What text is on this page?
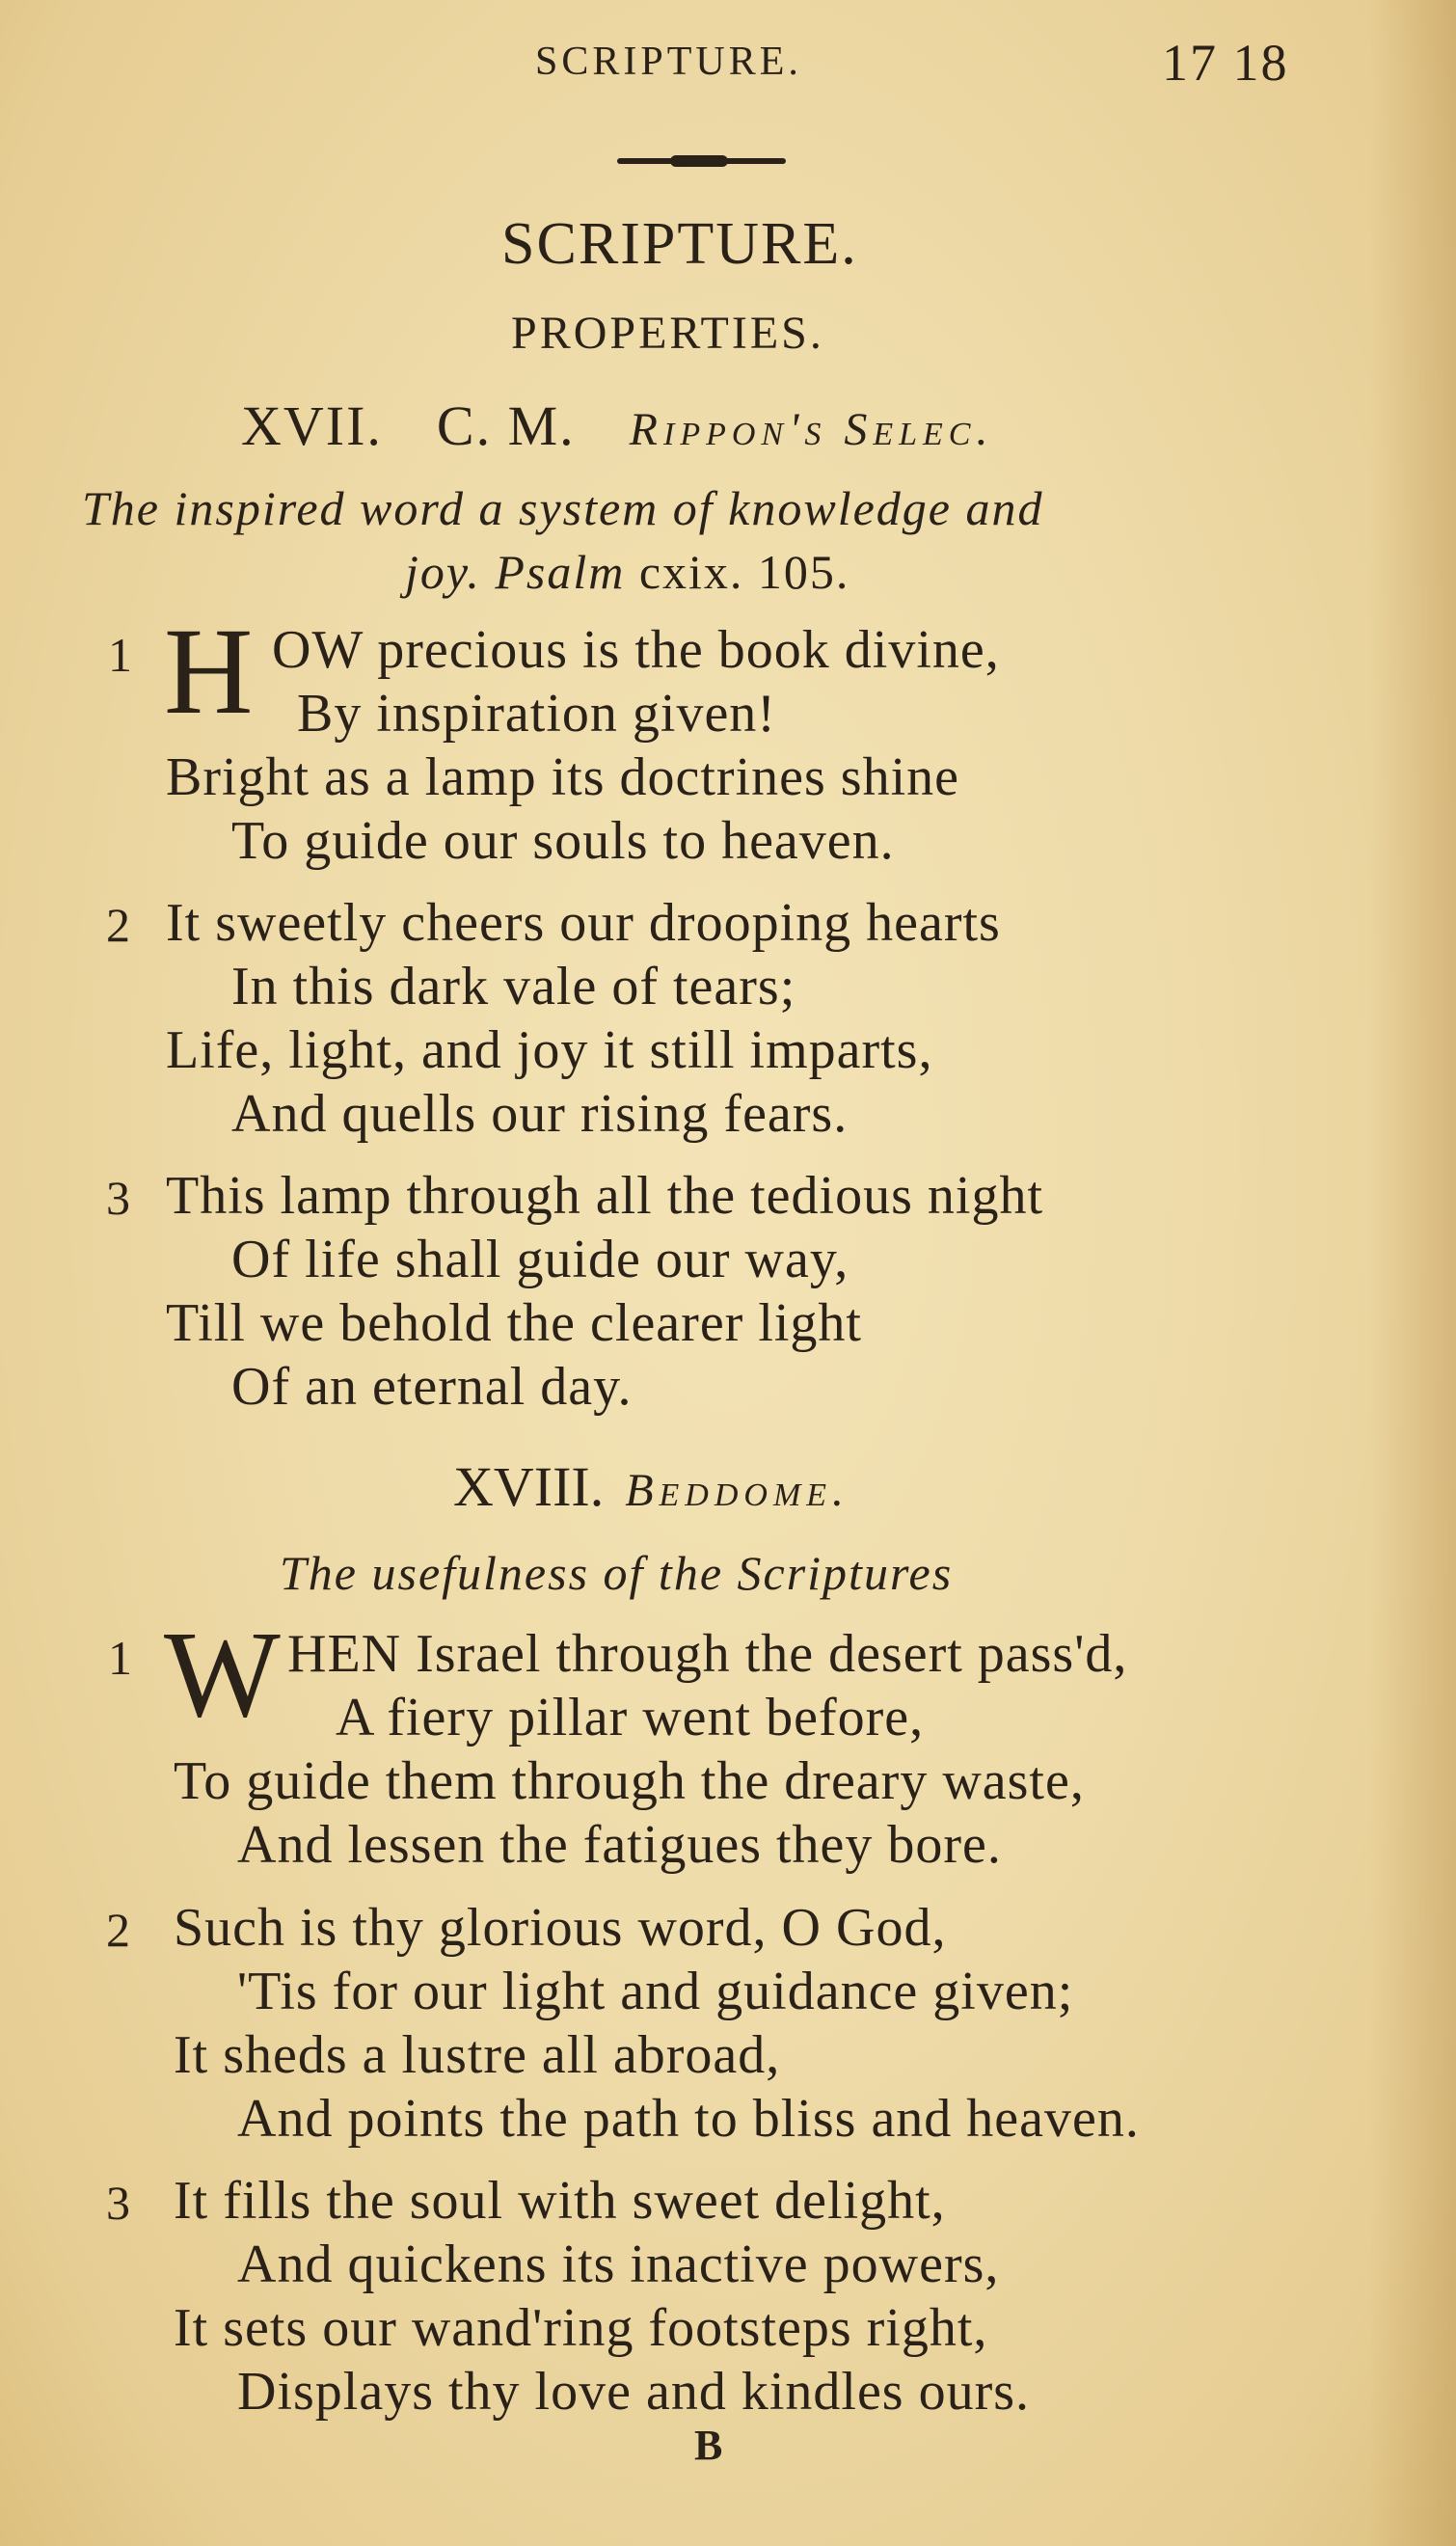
SCRIPTURE.	17 18
SCRIPTURE.
PROPERTIES.
XVII. C. M. Rippon's Selec.
The inspired word a system of knowledge and
joy. Psalm cxix. 105.
1 H OW precious is the book divine,
By inspiration given!
Bright as a lamp its doctrines shine
To guide our souls to heaven.
2 It sweetly cheers our drooping hearts
In this dark vale of tears;
Life, light, and joy it still imparts,
And quells our rising fears.
3 This lamp through all the tedious night
Of life shall guide our way,
Till we behold the clearer light
Of an eternal day.
XVIII. Beddome.
The usefulness of the Scriptures
1 W HEN Israel through the desert pass'd,
A fiery pillar went before,
To guide them through the dreary waste,
And lessen the fatigues they bore.
2 Such is thy glorious word, O God,
'Tis for our light and guidance given;
It sheds a lustre all abroad,
And points the path to bliss and heaven.
3 It fills the soul with sweet delight,
And quickens its inactive powers,
It sets our wand'ring footsteps right,
Displays thy love and kindles ours.
B
